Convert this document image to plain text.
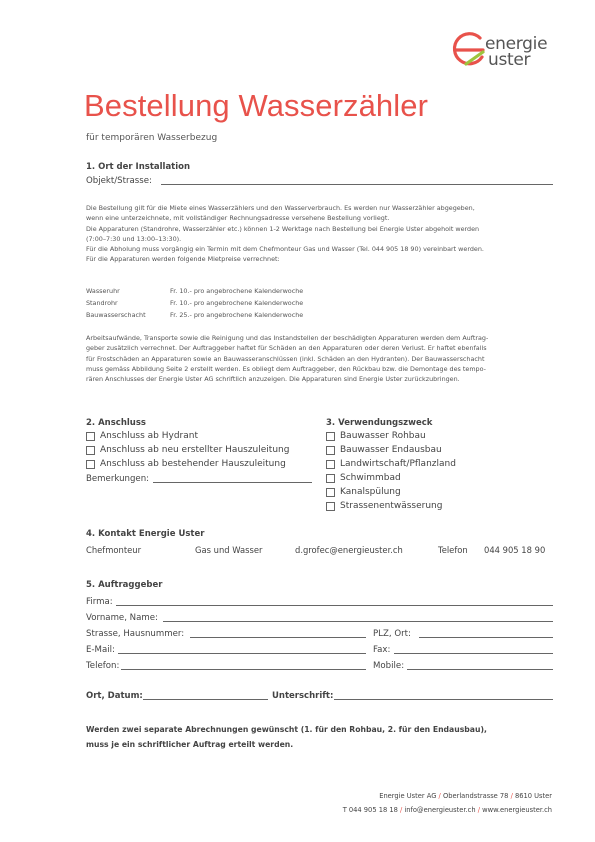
energie
uster
Bestellung Wasserzähler
für temporären Wasserbezug
1. Ort der Installation
Objekt/Strasse:

Die Bestellung gilt für die Miete eines Wasserzählers und den Wasserverbrauch. Es werden nur Wasserzähler abgegeben,

wenn eine unterzeichnete, mit vollständiger Rechnungsadresse versehene Bestellung vorliegt.

Die Apparaturen (Standrohre, Wasserzähler etc.) können 1-2 Werktage nach Bestellung bei Energie Uster abgeholt werden

(7:00–7:30 und 13:00–13:30).

Für die Abholung muss vorgängig ein Termin mit dem Chefmonteur Gas und Wasser (Tel. 044 905 18 90) vereinbart werden.

Für die Apparaturen werden folgende Mietpreise verrechnet:

Wasseruhr	Fr. 10.- pro angebrochene Kalenderwoche
Standrohr	Fr. 10.- pro angebrochene Kalenderwoche
Bauwasserschacht	Fr. 25.- pro angebrochene Kalenderwoche

Arbeitsaufwände, Transporte sowie die Reinigung und das Instandstellen der beschädigten Apparaturen werden dem Auftrag-

geber zusätzlich verrechnet. Der Auftraggeber haftet für Schäden an den Apparaturen oder deren Verlust. Er haftet ebenfalls

für Frostschäden an Apparaturen sowie an Bauwasseranschlüssen (inkl. Schäden an den Hydranten). Der Bauwasserschacht

muss gemäss Abbildung Seite 2 erstellt werden. Es obliegt dem Auftraggeber, den Rückbau bzw. die Demontage des tempo-

rären Anschlusses der Energie Uster AG schriftlich anzuzeigen. Die Apparaturen sind Energie Uster zurückzubringen.

2. Anschluss
Anschluss ab Hydrant
Anschluss ab neu erstellter Hauszuleitung
Anschluss ab bestehender Hauszuleitung
Bemerkungen:
3. Verwendungszweck
Bauwasser Rohbau
Bauwasser Endausbau
Landwirtschaft/Pflanzland
Schwimmbad
Kanalspülung
Strassenentwässerung
4. Kontakt Energie Uster
Chefmonteur	Gas und Wasser	d.grofec@energieuster.ch	Telefon 044 905 18 90
5. Auftraggeber
Firma:
Vorname, Name:
Strasse, Hausnummer:	PLZ, Ort:
E-Mail:	Fax:
Telefon:	Mobile:
Ort, Datum:	Unterschrift:
Werden zwei separate Abrechnungen gewünscht (1. für den Rohbau, 2. für den Endausbau),
muss je ein schriftlicher Auftrag erteilt werden.
Energie Uster AG / Oberlandstrasse 78 / 8610 Uster
T 044 905 18 18 / info@energieuster.ch / www.energieuster.ch
